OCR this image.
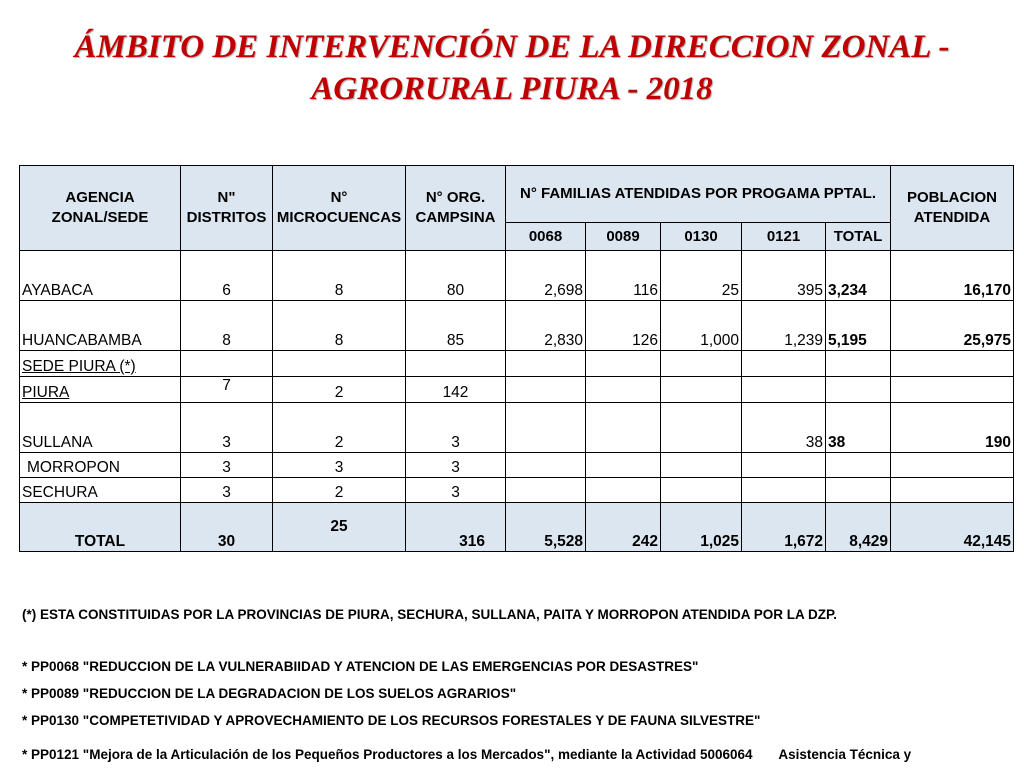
ÁMBITO DE INTERVENCIÓN DE LA DIRECCION ZONAL -
AGRORURAL PIURA - 2018
AGENCIA ZONAL/SEDE	N" DISTRITOS	N° MICROCUENCAS	N° ORG. CAMPSINA	N° FAMILIAS ATENDIDAS POR PROGAMA PPTAL.					POBLACION ATENDIDA
				0068	0089	0130	0121	TOTAL	
AYABACA	6	8	80	2,698	116	25	395	3,234	16,170
HUANCABAMBA	8	8	85	2,830	126	1,000	1,239	5,195	25,975
SEDE PIURA (*)									
PIURA	7	2	142						
SULLANA	3	2	3				38	38	190
MORROPON	3	3	3						
SECHURA	3	2	3						
TOTAL	30	25	316	5,528	242	1,025	1,672	8,429	42,145
(*) ESTA CONSTITUIDAS POR LA PROVINCIAS DE PIURA, SECHURA, SULLANA, PAITA Y MORROPON ATENDIDA POR LA DZP.
* PP0068 "REDUCCION DE LA VULNERABIIDAD Y ATENCION DE LAS EMERGENCIAS POR DESASTRES"
* PP0089 "REDUCCION DE LA DEGRADACION DE LOS SUELOS AGRARIOS"
* PP0130 "COMPETETIVIDAD Y APROVECHAMIENTO DE LOS RECURSOS FORESTALES Y DE FAUNA SILVESTRE"
* PP0121 "Mejora de la Articulación de los Pequeños Productores a los Mercados", mediante la Actividad 5006064       Asistencia Técnica y
